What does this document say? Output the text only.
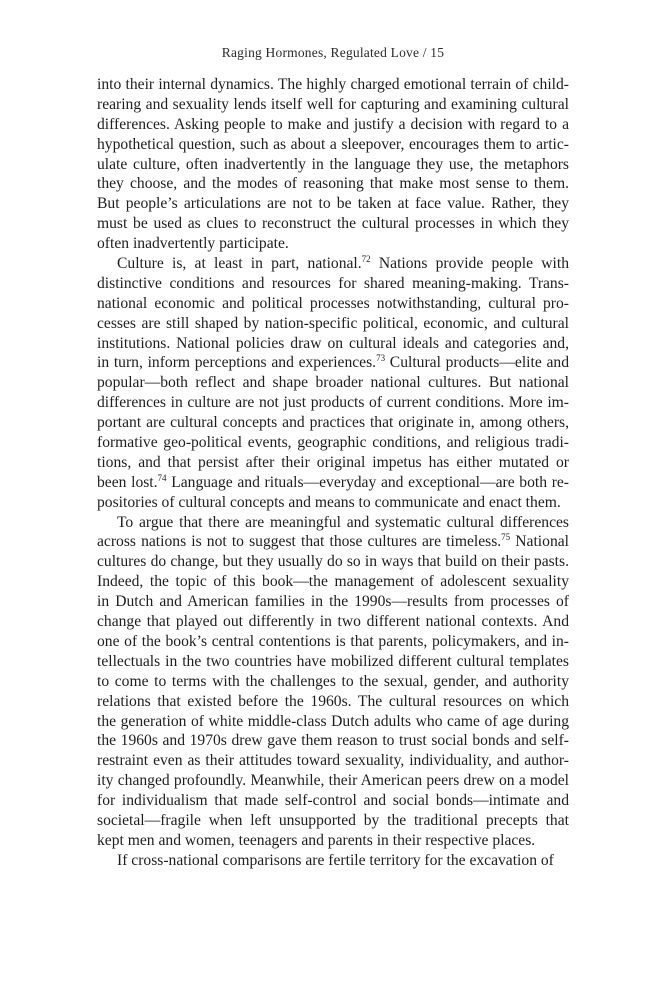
Raging Hormones, Regulated Love / 15
into their internal dynamics. The highly charged emotional terrain of child-
rearing and sexuality lends itself well for capturing and examining cultural
differences. Asking people to make and justify a decision with regard to a
hypothetical question, such as about a sleepover, encourages them to artic-
ulate culture, often inadvertently in the language they use, the metaphors
they choose, and the modes of reasoning that make most sense to them.
But people’s articulations are not to be taken at face value. Rather, they
must be used as clues to reconstruct the cultural processes in which they
often inadvertently participate.
Culture is, at least in part, national.$^{72}$ Nations provide people with
distinctive conditions and resources for shared meaning-making. Trans-
national economic and political processes notwithstanding, cultural pro-
cesses are still shaped by nation-specific political, economic, and cultural
institutions. National policies draw on cultural ideals and categories and,
in turn, inform perceptions and experiences.$^{73}$ Cultural products—elite and
popular—both reflect and shape broader national cultures. But national
differences in culture are not just products of current conditions. More im-
portant are cultural concepts and practices that originate in, among others,
formative geo-political events, geographic conditions, and religious tradi-
tions, and that persist after their original impetus has either mutated or
been lost.$^{74}$ Language and rituals—everyday and exceptional—are both re-
positories of cultural concepts and means to communicate and enact them.
To argue that there are meaningful and systematic cultural differences
across nations is not to suggest that those cultures are timeless.$^{75}$ National
cultures do change, but they usually do so in ways that build on their pasts.
Indeed, the topic of this book—the management of adolescent sexuality
in Dutch and American families in the 1990s—results from processes of
change that played out differently in two different national contexts. And
one of the book’s central contentions is that parents, policymakers, and in-
tellectuals in the two countries have mobilized different cultural templates
to come to terms with the challenges to the sexual, gender, and authority
relations that existed before the 1960s. The cultural resources on which
the generation of white middle-class Dutch adults who came of age during
the 1960s and 1970s drew gave them reason to trust social bonds and self-
restraint even as their attitudes toward sexuality, individuality, and author-
ity changed profoundly. Meanwhile, their American peers drew on a model
for individualism that made self-control and social bonds—intimate and
societal—fragile when left unsupported by the traditional precepts that
kept men and women, teenagers and parents in their respective places.
If cross-national comparisons are fertile territory for the excavation of
